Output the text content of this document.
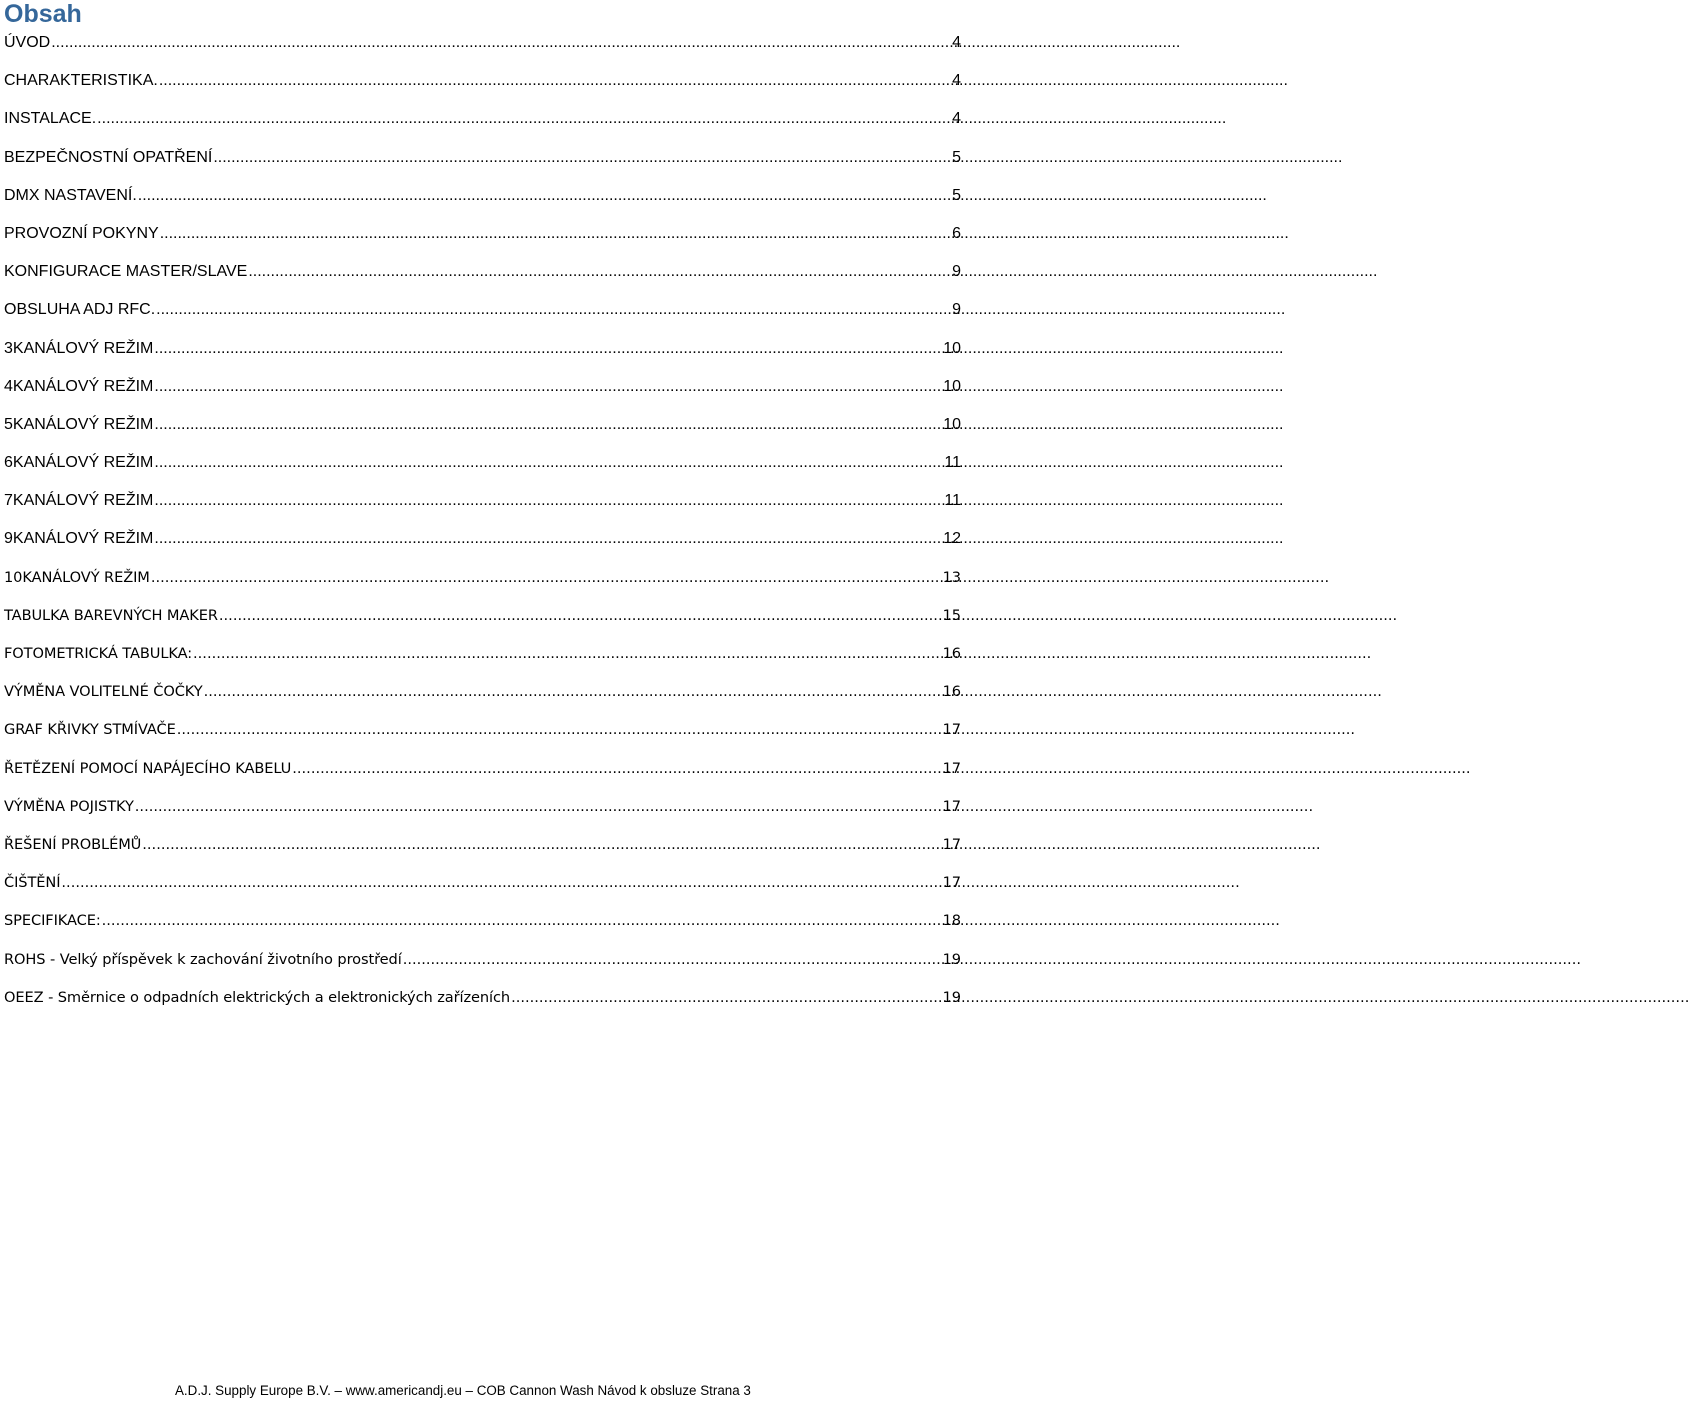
Obsah
ÚVOD .....	4
CHARAKTERISTIKA. .....	4
INSTALACE. .....	4
BEZPEČNOSTNÍ OPATŘENÍ .....	5
DMX NASTAVENÍ. .....	5
PROVOZNÍ POKYNY .....	6
KONFIGURACE MASTER/SLAVE .....	9
OBSLUHA ADJ RFC. .....	9
3KANÁLOVÝ REŽIM .....	10
4KANÁLOVÝ REŽIM .....	10
5KANÁLOVÝ REŽIM .....	10
6KANÁLOVÝ REŽIM .....	11
7KANÁLOVÝ REŽIM .....	11
9KANÁLOVÝ REŽIM .....	12
10KANÁLOVÝ REŽIM .....	13
TABULKA BAREVNÝCH MAKER .....	15
FOTOMETRICKÁ TABULKA: .....	16
VÝMĚNA VOLITELNÉ ČOČKY .....	16
GRAF KŘIVKY STMÍVAČE .....	17
ŘETĚZENÍ POMOCÍ NAPÁJECÍHO KABELU .....	17
VÝMĚNA POJISTKY .....	17
ŘEŠENÍ PROBLÉMŮ .....	17
ČIŠTĚNÍ .....	17
SPECIFIKACE: .....	18
ROHS - Velký příspěvek k zachování životního prostředí .....	19
OEEZ - Směrnice o odpadních elektrických a elektronických zařízeních .....	19
A.D.J. Supply Europe B.V. – www.americandj.eu – COB Cannon Wash Návod k obsluze Strana 3
